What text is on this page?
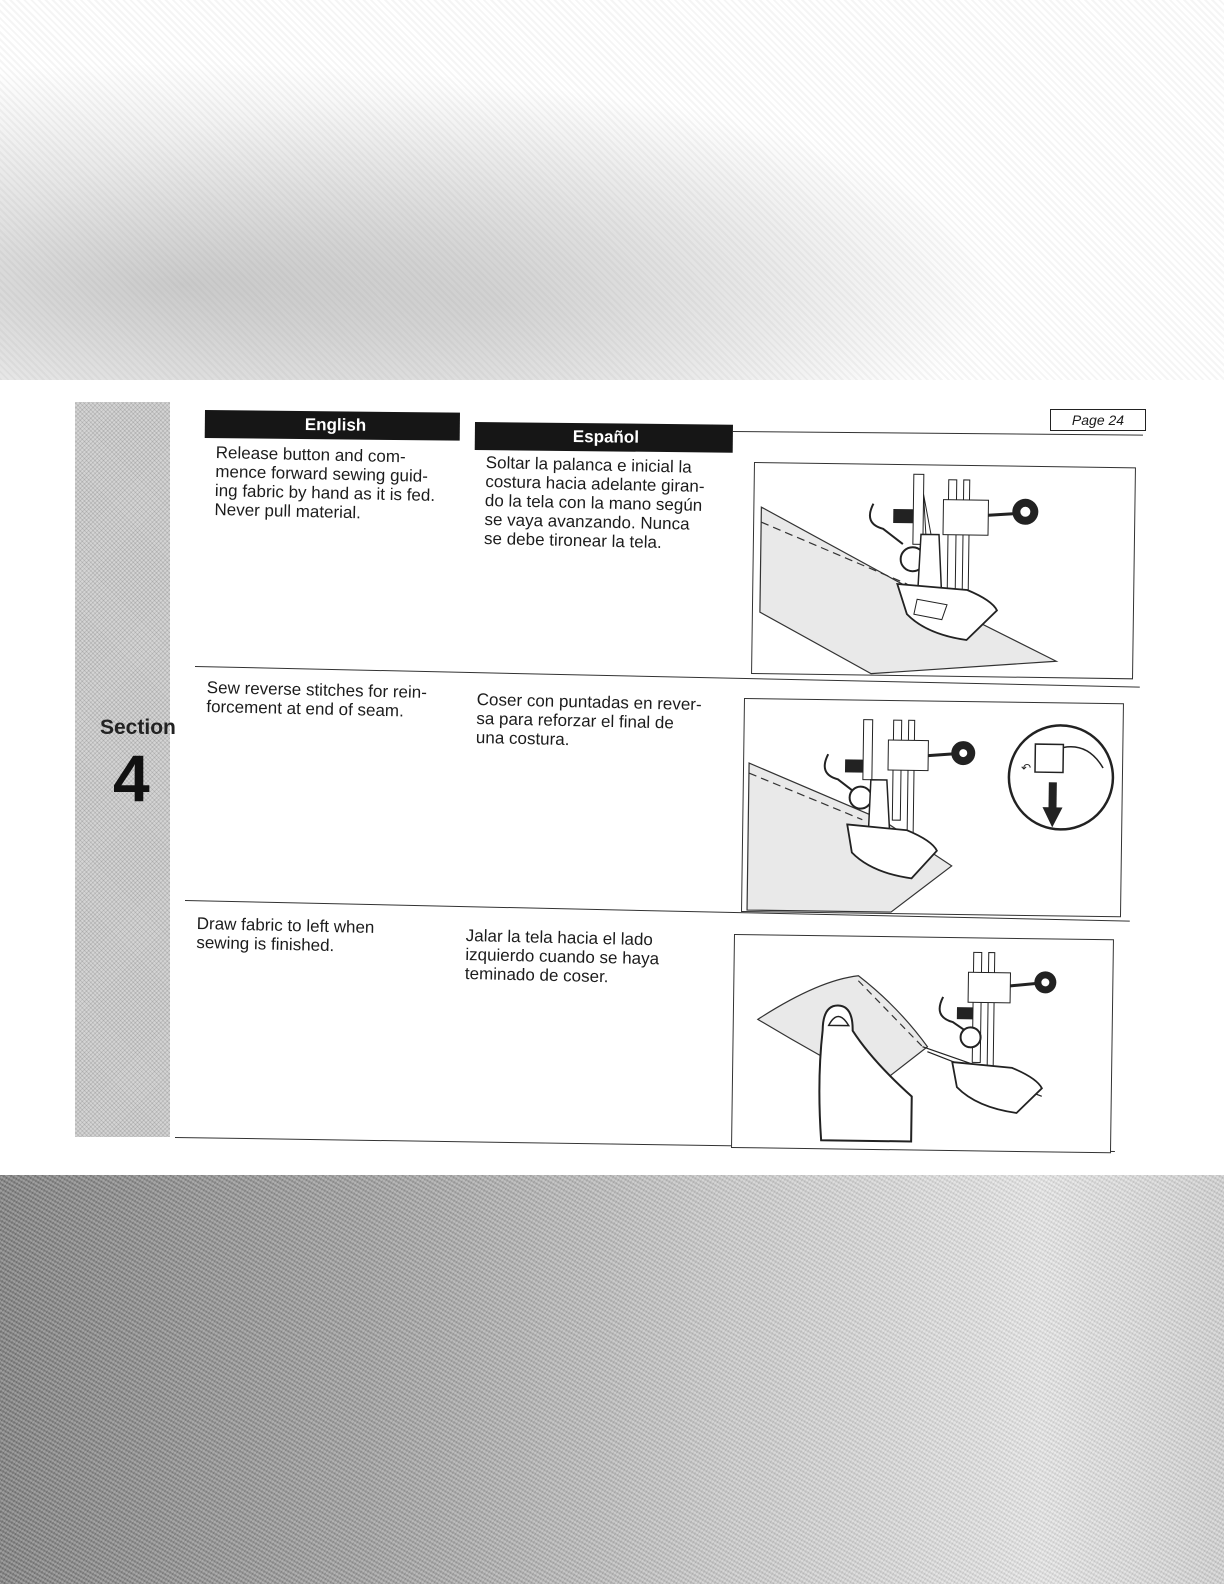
Section
4
English
Español
Page 24
Release button and com-
mence forward sewing guid-
ing fabric by hand as it is fed.
Never pull material.
Soltar la palanca e inicial la
costura hacia adelante giran-
do la tela con la mano según
se vaya avanzando. Nunca
se debe tironear la tela.
Sew reverse stitches for rein-
forcement at end of seam.	Coser con puntadas en rever-
sa para reforzar el final de
una costura.
Draw fabric to left when
sewing is finished.	Jalar la tela hacia el lado
izquierdo cuando se haya
teminado de coser.
↶
